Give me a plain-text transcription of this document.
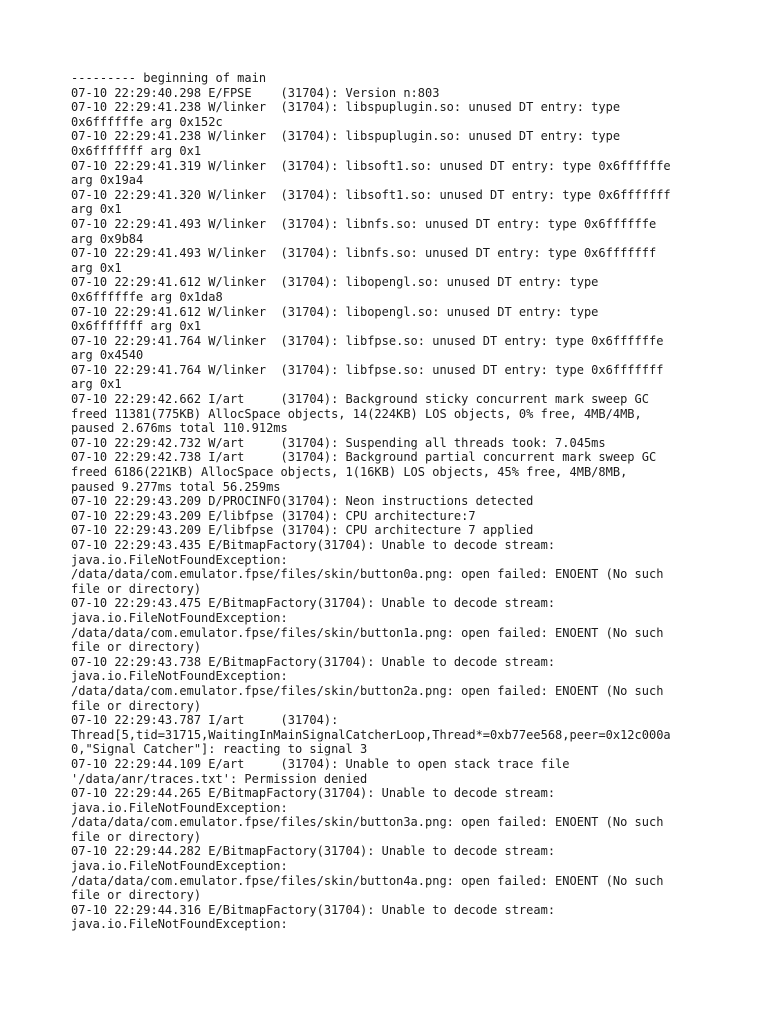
--------- beginning of main
07-10 22:29:40.298 E/FPSE    (31704): Version n:803
07-10 22:29:41.238 W/linker  (31704): libspuplugin.so: unused DT entry: type
0x6ffffffe arg 0x152c
07-10 22:29:41.238 W/linker  (31704): libspuplugin.so: unused DT entry: type
0x6fffffff arg 0x1
07-10 22:29:41.319 W/linker  (31704): libsoft1.so: unused DT entry: type 0x6ffffffe
arg 0x19a4
07-10 22:29:41.320 W/linker  (31704): libsoft1.so: unused DT entry: type 0x6fffffff
arg 0x1
07-10 22:29:41.493 W/linker  (31704): libnfs.so: unused DT entry: type 0x6ffffffe
arg 0x9b84
07-10 22:29:41.493 W/linker  (31704): libnfs.so: unused DT entry: type 0x6fffffff
arg 0x1
07-10 22:29:41.612 W/linker  (31704): libopengl.so: unused DT entry: type
0x6ffffffe arg 0x1da8
07-10 22:29:41.612 W/linker  (31704): libopengl.so: unused DT entry: type
0x6fffffff arg 0x1
07-10 22:29:41.764 W/linker  (31704): libfpse.so: unused DT entry: type 0x6ffffffe
arg 0x4540
07-10 22:29:41.764 W/linker  (31704): libfpse.so: unused DT entry: type 0x6fffffff
arg 0x1
07-10 22:29:42.662 I/art     (31704): Background sticky concurrent mark sweep GC
freed 11381(775KB) AllocSpace objects, 14(224KB) LOS objects, 0% free, 4MB/4MB,
paused 2.676ms total 110.912ms
07-10 22:29:42.732 W/art     (31704): Suspending all threads took: 7.045ms
07-10 22:29:42.738 I/art     (31704): Background partial concurrent mark sweep GC
freed 6186(221KB) AllocSpace objects, 1(16KB) LOS objects, 45% free, 4MB/8MB,
paused 9.277ms total 56.259ms
07-10 22:29:43.209 D/PROCINFO(31704): Neon instructions detected
07-10 22:29:43.209 E/libfpse (31704): CPU architecture:7
07-10 22:29:43.209 E/libfpse (31704): CPU architecture 7 applied
07-10 22:29:43.435 E/BitmapFactory(31704): Unable to decode stream:
java.io.FileNotFoundException:
/data/data/com.emulator.fpse/files/skin/button0a.png: open failed: ENOENT (No such
file or directory)
07-10 22:29:43.475 E/BitmapFactory(31704): Unable to decode stream:
java.io.FileNotFoundException:
/data/data/com.emulator.fpse/files/skin/button1a.png: open failed: ENOENT (No such
file or directory)
07-10 22:29:43.738 E/BitmapFactory(31704): Unable to decode stream:
java.io.FileNotFoundException:
/data/data/com.emulator.fpse/files/skin/button2a.png: open failed: ENOENT (No such
file or directory)
07-10 22:29:43.787 I/art     (31704):
Thread[5,tid=31715,WaitingInMainSignalCatcherLoop,Thread*=0xb77ee568,peer=0x12c000a
0,"Signal Catcher"]: reacting to signal 3
07-10 22:29:44.109 E/art     (31704): Unable to open stack trace file
'/data/anr/traces.txt': Permission denied
07-10 22:29:44.265 E/BitmapFactory(31704): Unable to decode stream:
java.io.FileNotFoundException:
/data/data/com.emulator.fpse/files/skin/button3a.png: open failed: ENOENT (No such
file or directory)
07-10 22:29:44.282 E/BitmapFactory(31704): Unable to decode stream:
java.io.FileNotFoundException:
/data/data/com.emulator.fpse/files/skin/button4a.png: open failed: ENOENT (No such
file or directory)
07-10 22:29:44.316 E/BitmapFactory(31704): Unable to decode stream:
java.io.FileNotFoundException:
